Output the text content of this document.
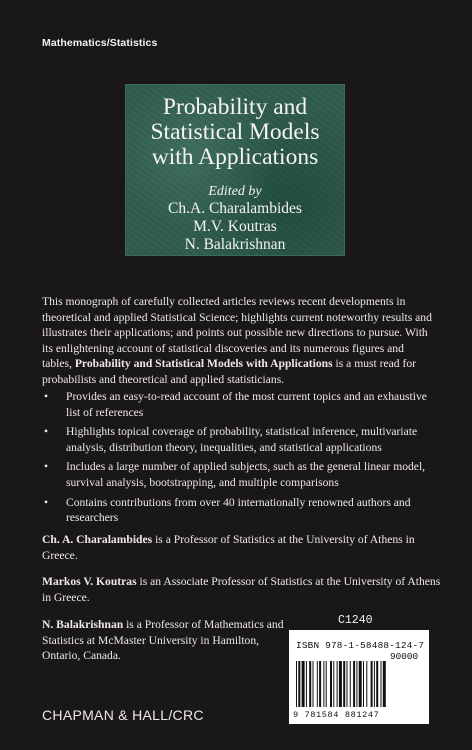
Mathematics/Statistics
Probability and
Statistical Models
with Applications
Edited by
Ch.A. Charalambides
M.V. Koutras
N. Balakrishnan
This monograph of carefully collected articles reviews recent developments in theoretical and applied Statistical Science; highlights current noteworthy results and illustrates their applications; and points out possible new directions to pursue. With its enlightening account of statistical discoveries and its numerous figures and tables, Probability and Statistical Models with Applications is a must read for probabilists and theoretical and applied statisticians.
• Provides an easy-to-read account of the most current topics and an exhaustive list of references
• Highlights topical coverage of probability, statistical inference, multivariate analysis, distribution theory, inequalities, and statistical applications
• Includes a large number of applied subjects, such as the general linear model, survival analysis, bootstrapping, and multiple comparisons
• Contains contributions from over 40 internationally renowned authors and researchers
Ch. A. Charalambides is a Professor of Statistics at the University of Athens in Greece.
Markos V. Koutras is an Associate Professor of Statistics at the University of Athens in Greece.
N. Balakrishnan is a Professor of Mathematics and Statistics at McMaster University in Hamilton, Ontario, Canada.
C1240
ISBN 978-1-58488-124-7
90000
9 781584 881247
CHAPMAN & HALL/CRC
